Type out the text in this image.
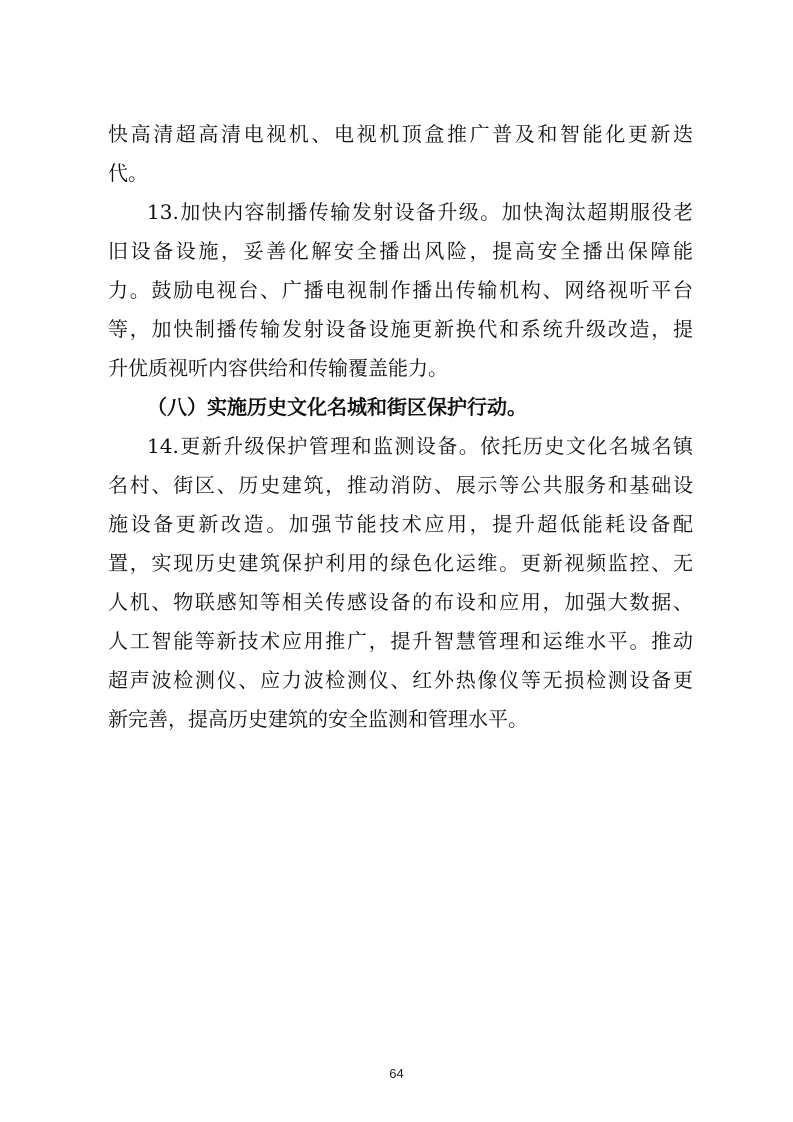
快高清超高清电视机、电视机顶盒推广普及和智能化更新迭
代。
13.加快内容制播传输发射设备升级。加快淘汰超期服役老
旧设备设施，妥善化解安全播出风险，提高安全播出保障能
力。鼓励电视台、广播电视制作播出传输机构、网络视听平台
等，加快制播传输发射设备设施更新换代和系统升级改造，提
升优质视听内容供给和传输覆盖能力。
（八）实施历史文化名城和街区保护行动。
14.更新升级保护管理和监测设备。依托历史文化名城名镇
名村、街区、历史建筑，推动消防、展示等公共服务和基础设
施设备更新改造。加强节能技术应用，提升超低能耗设备配
置，实现历史建筑保护利用的绿色化运维。更新视频监控、无
人机、物联感知等相关传感设备的布设和应用，加强大数据、
人工智能等新技术应用推广，提升智慧管理和运维水平。推动
超声波检测仪、应力波检测仪、红外热像仪等无损检测设备更
新完善，提高历史建筑的安全监测和管理水平。
64
